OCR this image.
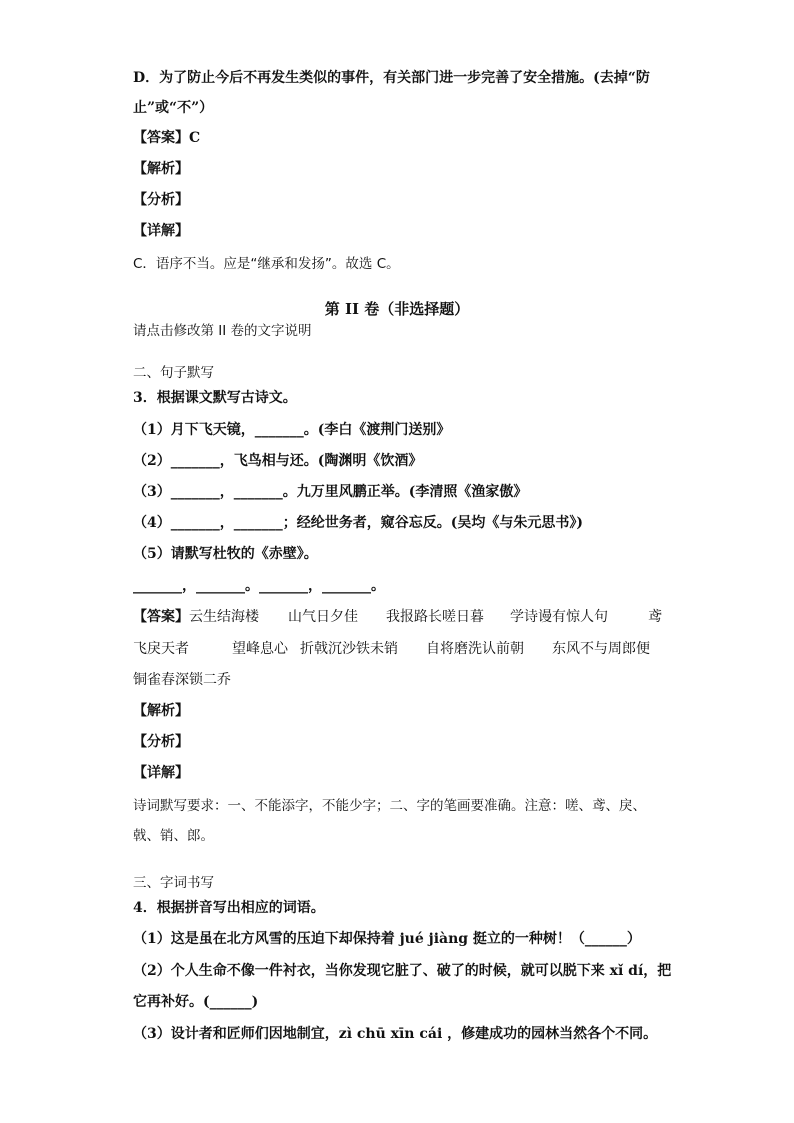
D．为了防止今后不再发生类似的事件，有关部门进一步完善了安全措施。(去掉“防
止”或“不”）
【答案】C
【解析】
【分析】
【详解】
C．语序不当。应是“继承和发扬”。故选 C。
第 II 卷（非选择题）
请点击修改第 II 卷的文字说明
二、句子默写
3．根据课文默写古诗文。
（1）月下飞天镜，_______。(李白《渡荆门送别》
（2）_______，飞鸟相与还。(陶渊明《饮酒》
（3）_______，_______。九万里风鹏正举。(李清照《渔家傲》
（4）_______，_______；经纶世务者，窥谷忘反。(吴均《与朱元思书》)
（5）请默写杜牧的《赤壁》。
_______，_______。_______，_______。
【答案】 云生结海楼 山气日夕佳 我报路长嗟日暮 学诗谩有惊人句	鸢
飞戾天者	望峰息心 折戟沉沙铁未销 自将磨洗认前朝 东风不与周郎便
铜雀春深锁二乔
【解析】
【分析】
【详解】
诗词默写要求：一、不能添字，不能少字；二、字的笔画要准确。注意：嗟、鸢、戾、
戟、销、郎。
三、字词书写
4．根据拼音写出相应的词语。
（1）这是虽在北方风雪的压迫下却保持着 jué jiàng 挺立的一种树！（______）
（2）个人生命不像一件衬衣，当你发现它脏了、破了的时候，就可以脱下来 xǐ dí，把
它再补好。(______)
（3）设计者和匠师们因地制宜，zì chū xīn cái ，修建成功的园林当然各个不同。
